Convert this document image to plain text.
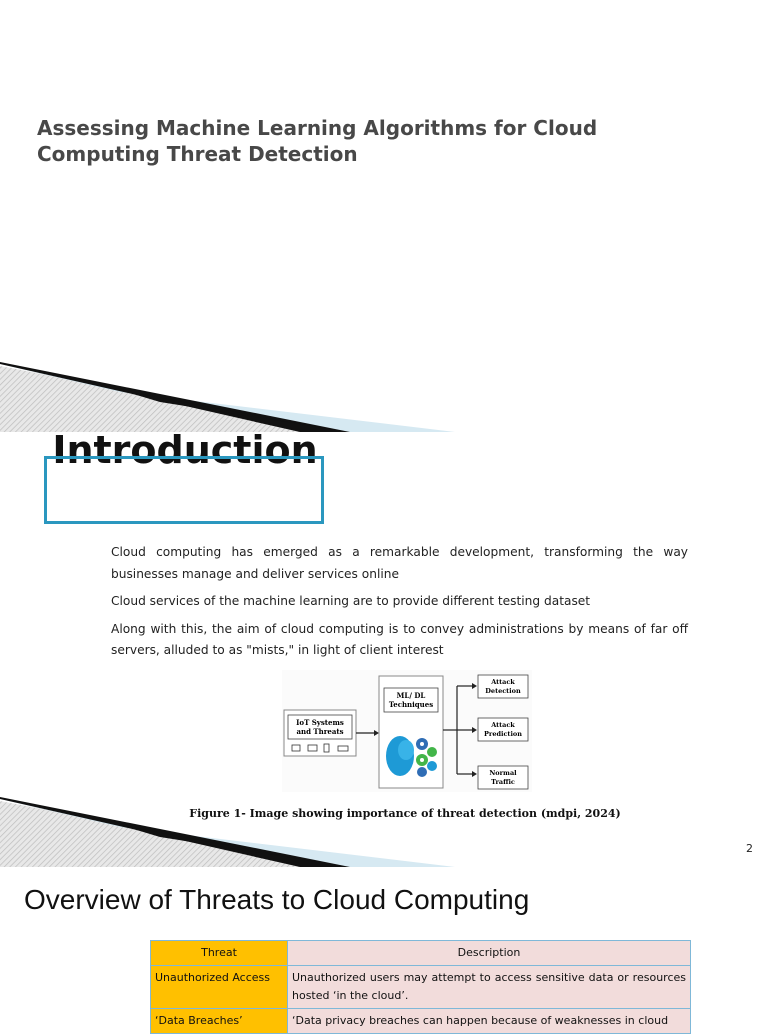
Assessing Machine Learning Algorithms for Cloud Computing Threat Detection
Introduction
Cloud computing has emerged as a remarkable development, transforming the way businesses manage and deliver services online
Cloud services of the machine learning are to provide different testing dataset
Along with this, the aim of cloud computing is to convey administrations by means of far off servers, alluded to as "mists," in light of client interest
IoT Systems
and Threats
ML/ DL
Techniques
Attack
Detection
Attack
Prediction
Normal
Traffic
Figure 1- Image showing importance of threat detection (mdpi, 2024)
2
Overview of Threats to Cloud Computing
Threat	Description
Unauthorized Access	Unauthorized users may attempt to access sensitive data or resources hosted ‘in the cloud’.
‘Data Breaches’	‘Data privacy breaches can happen because of weaknesses in cloud
